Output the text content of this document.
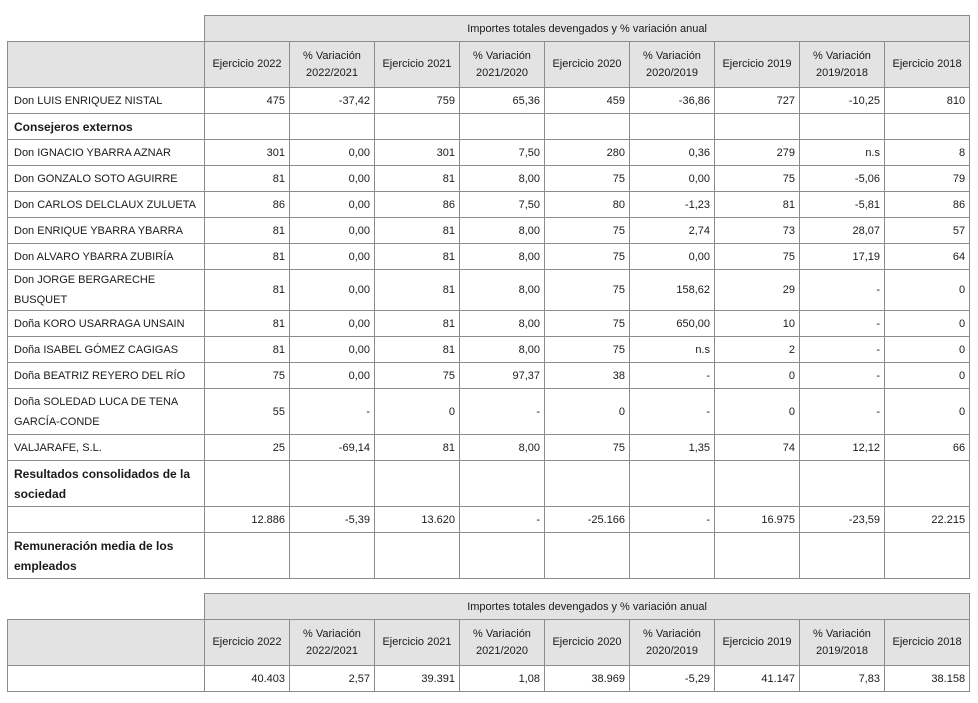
	Importes totales devengados y % variación anual								
	Ejercicio 2022	% Variación 2022/2021	Ejercicio 2021	% Variación 2021/2020	Ejercicio 2020	% Variación 2020/2019	Ejercicio 2019	% Variación 2019/2018	Ejercicio 2018
Don LUIS ENRIQUEZ NISTAL	475	-37,42	759	65,36	459	-36,86	727	-10,25	810
Consejeros externos									
Don IGNACIO YBARRA AZNAR	301	0,00	301	7,50	280	0,36	279	n.s	8
Don GONZALO SOTO AGUIRRE	81	0,00	81	8,00	75	0,00	75	-5,06	79
Don CARLOS DELCLAUX ZULUETA	86	0,00	86	7,50	80	-1,23	81	-5,81	86
Don ENRIQUE YBARRA YBARRA	81	0,00	81	8,00	75	2,74	73	28,07	57
Don ALVARO YBARRA ZUBIRÍA	81	0,00	81	8,00	75	0,00	75	17,19	64
Don JORGE BERGARECHE BUSQUET	81	0,00	81	8,00	75	158,62	29	-	0
Doña KORO USARRAGA UNSAIN	81	0,00	81	8,00	75	650,00	10	-	0
Doña ISABEL GÓMEZ CAGIGAS	81	0,00	81	8,00	75	n.s	2	-	0
Doña BEATRIZ REYERO DEL RÍO	75	0,00	75	97,37	38	-	0	-	0
Doña SOLEDAD LUCA DE TENA GARCÍA-CONDE	55	-	0	-	0	-	0	-	0
VALJARAFE, S.L.	25	-69,14	81	8,00	75	1,35	74	12,12	66
Resultados consolidados de la sociedad									
	12.886	-5,39	13.620	-	-25.166	-	16.975	-23,59	22.215
Remuneración media de los empleados									
	Importes totales devengados y % variación anual								
	Ejercicio 2022	% Variación 2022/2021	Ejercicio 2021	% Variación 2021/2020	Ejercicio 2020	% Variación 2020/2019	Ejercicio 2019	% Variación 2019/2018	Ejercicio 2018
	40.403	2,57	39.391	1,08	38.969	-5,29	41.147	7,83	38.158
